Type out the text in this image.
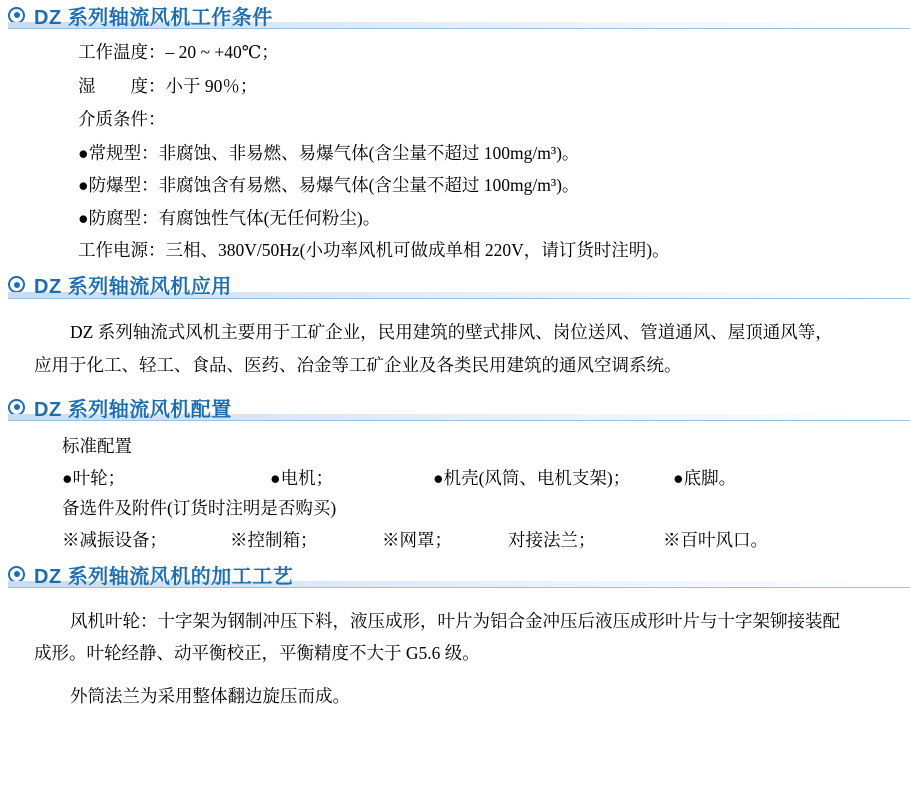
DZ 系列轴流风机工作条件
工作温度：– 20 ~ +40℃；
湿　　度：小于 90％；
介质条件：
●常规型：非腐蚀、非易燃、易爆气体(含尘量不超过 100mg/m³)。
●防爆型：非腐蚀含有易燃、易爆气体(含尘量不超过 100mg/m³)。
●防腐型：有腐蚀性气体(无任何粉尘)。
工作电源：三相、380V/50Hz(小功率风机可做成单相 220V，请订货时注明)。
DZ 系列轴流风机应用

DZ 系列轴流式风机主要用于工矿企业，民用建筑的壁式排风、岗位送风、管道通风、屋顶通风等，应用于化工、轻工、食品、医药、冶金等工矿企业及各类民用建筑的通风空调系统。

DZ 系列轴流风机配置
标准配置
●叶轮；	●电机；	●机壳(风筒、电机支架)；	●底脚。
备选件及附件(订货时注明是否购买)
※减振设备；	※控制箱；	※网罩；	对接法兰；	※百叶风口。
DZ 系列轴流风机的加工工艺

风机叶轮：十字架为钢制冲压下料，液压成形，叶片为铝合金冲压后液压成形叶片与十字架铆接装配成形。叶轮经静、动平衡校正，平衡精度不大于 G5.6 级。

外筒法兰为采用整体翻边旋压而成。
